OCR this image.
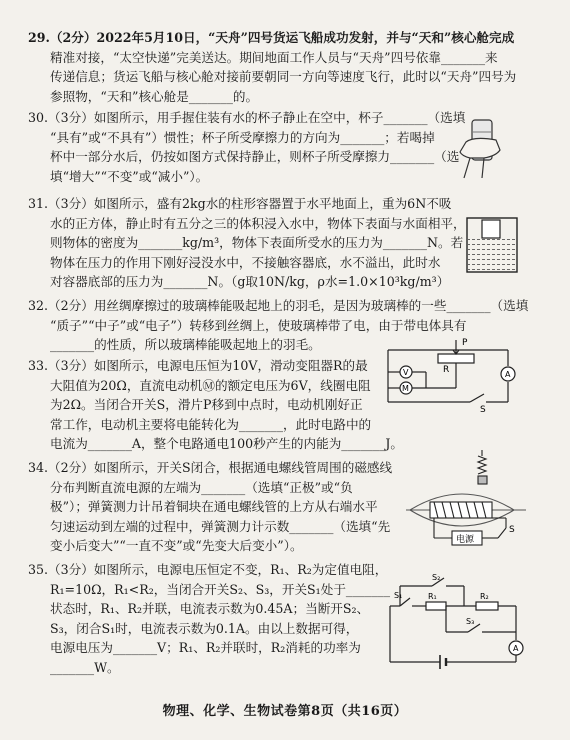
29.（2分）2022年5月10日，“天舟”四号货运飞船成功发射，并与“天和”核心舱完成
精准对接，“太空快递”完美送达。期间地面工作人员与“天舟”四号依靠_______来
传递信息；货运飞船与核心舱对接前要朝同一方向等速度飞行，此时以“天舟”四号为
参照物，“天和”核心舱是_______的。
30.（3分）如图所示，用手握住装有水的杯子静止在空中，杯子_______（选填
“具有”或“不具有”）惯性；杯子所受摩擦力的方向为_______；若喝掉
杯中一部分水后，仍按如图方式保持静止，则杯子所受摩擦力_______（选
填“增大”“不变”或“减小”）。
31.（3分）如图所示，盛有2kg水的柱形容器置于水平地面上，重为6N不吸
水的正方体，静止时有五分之三的体积浸入水中，物体下表面与水面相平，
则物体的密度为_______kg/m³，物体下表面所受水的压力为_______N。若
物体在压力的作用下刚好浸没水中，不接触容器底，水不溢出，此时水
对容器底部的压力为_______N。（g取10N/kg，ρ水=1.0×10³kg/m³）
32.（2分）用丝绸摩擦过的玻璃棒能吸起地上的羽毛，是因为玻璃棒的一些_______（选填
“质子”“中子”或“电子”）转移到丝绸上，使玻璃棒带了电，由于带电体具有
_______的性质，所以玻璃棒能吸起地上的羽毛。
33.（3分）如图所示，电源电压恒为10V，滑动变阻器R的最
大阻值为20Ω，直流电动机Ⓜ的额定电压为6V，线圈电阻
为2Ω。当闭合开关S，滑片P移到中点时，电动机刚好正
常工作，电动机主要将电能转化为_______，此时电路中的
电流为_______A，整个电路通电100秒产生的内能为_______J。
P
R	A
V
M
S
34.（2分）如图所示，开关S闭合，根据通电螺线管周围的磁感线
分布判断直流电源的左端为_______（选填“正极”或“负
极”）；弹簧测力计吊着铜块在通电螺线管的上方从右端水平
匀速运动到左端的过程中，弹簧测力计示数_______（选填“先
变小后变大”“一直不变”或“先变大后变小”）。
S
电源
35.（3分）如图所示，电源电压恒定不变，R₁、R₂为定值电阻，
R₁=10Ω，R₁<R₂，当闭合开关S₂、S₃，开关S₁处于_______
状态时，R₁、R₂并联，电流表示数为0.45A；当断开S₂、
S₃，闭合S₁时，电流表示数为0.1A。由以上数据可得，
电源电压为_______V；R₁、R₂并联时，R₂消耗的功率为
_______W。
S₂
S₁	R₁	R₂
S₃
A
物理、化学、生物试卷第8页（共16页）
